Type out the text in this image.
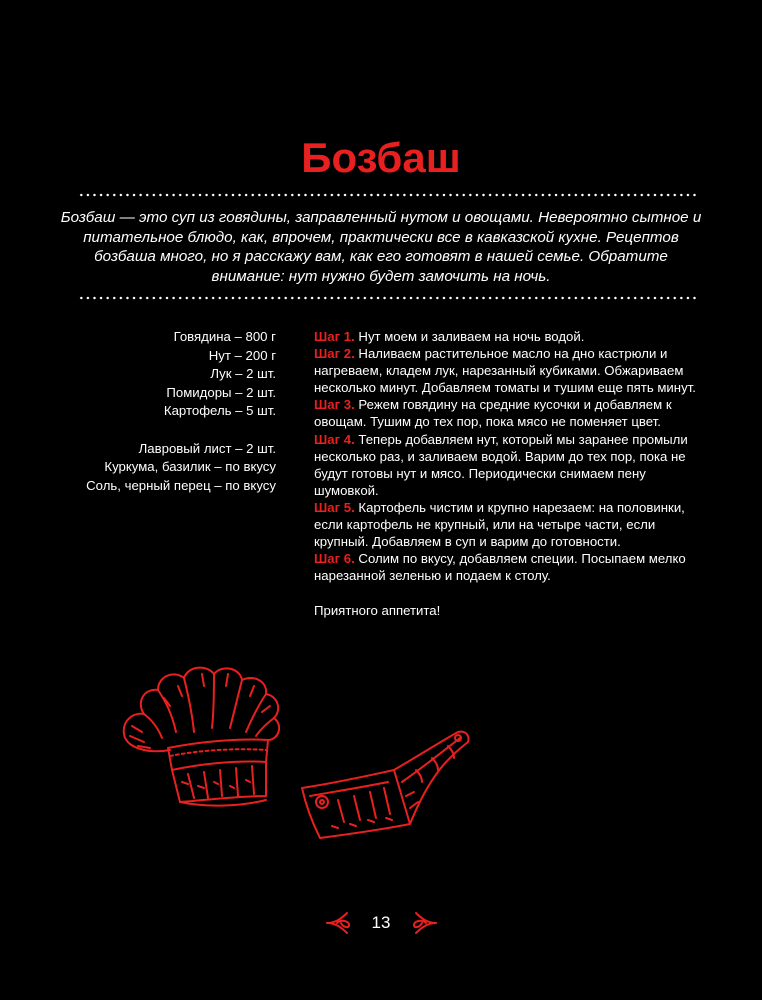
Бозбаш

Бозбаш — это суп из говядины, заправленный нутом и овощами. Невероятно сытное и питательное блюдо, как, впрочем, практически все в кавказской кухне. Рецептов бозбаша много, но я расскажу вам, как его готовят в нашей семье. Обратите внимание: нут нужно будет замочить на ночь.

Говядина – 800 г
Нут – 200 г
Лук – 2 шт.
Помидоры – 2 шт.
Картофель – 5 шт.
Лавровый лист – 2 шт.
Куркума, базилик – по вкусу
Соль, черный перец – по вкусу

Шаг 1. Нут моем и заливаем на ночь водой.

Шаг 2. Наливаем растительное масло на дно кастрюли и нагреваем, кладем лук, нарезанный кубиками. Обжариваем несколько минут. Добавляем томаты и тушим еще пять минут.

Шаг 3. Режем говядину на средние кусочки и добавляем к овощам. Тушим до тех пор, пока мясо не поменяет цвет.

Шаг 4. Теперь добавляем нут, который мы заранее промыли несколько раз, и заливаем водой. Варим до тех пор, пока не будут готовы нут и мясо. Периодически снимаем пену шумовкой.

Шаг 5. Картофель чистим и крупно нарезаем: на половинки, если картофель не крупный, или на четыре части, если крупный. Добавляем в суп и варим до готовности.

Шаг 6. Солим по вкусу, добавляем специи. Посыпаем мелко нарезанной зеленью и подаем к столу.

Приятного аппетита!

13
